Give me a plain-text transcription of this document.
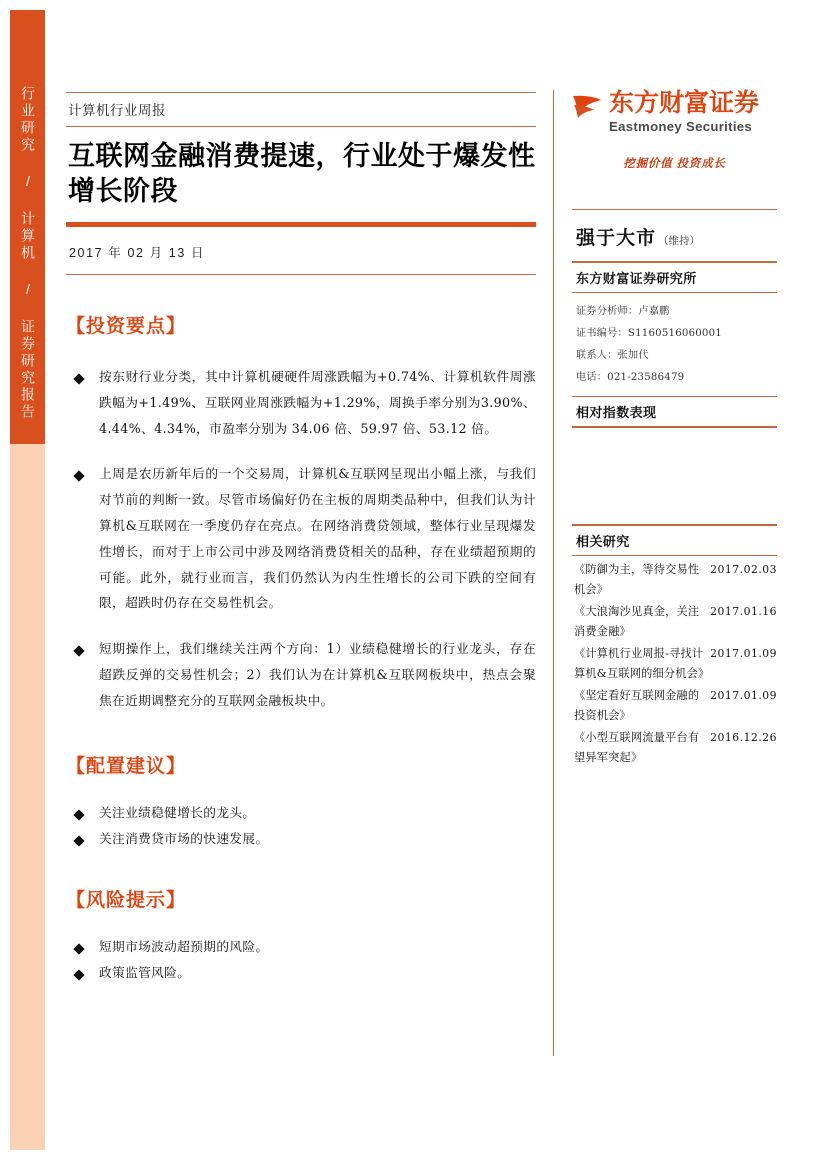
行业研究 / 计算机 / 证券研究报告	计算机行业周报
互联网金融消费提速，行业处于爆发性增长阶段
2017 年 02 月 13 日
【投资要点】
按东财行业分类，其中计算机硬硬件周涨跌幅为+0.74%、计算机软件周涨跌幅为+1.49%、互联网业周涨跌幅为+1.29%，周换手率分别为3.90%、4.44%、4.34%，市盈率分别为 34.06 倍、59.97 倍、53.12 倍。
上周是农历新年后的一个交易周，计算机&互联网呈现出小幅上涨，与我们对节前的判断一致。尽管市场偏好仍在主板的周期类品种中，但我们认为计算机&互联网在一季度仍存在亮点。在网络消费贷领域，整体行业呈现爆发性增长，而对于上市公司中涉及网络消费贷相关的品种，存在业绩超预期的可能。此外，就行业而言，我们仍然认为内生性增长的公司下跌的空间有限，超跌时仍存在交易性机会。
短期操作上，我们继续关注两个方向：1）业绩稳健增长的行业龙头，存在超跌反弹的交易性机会；2）我们认为在计算机&互联网板块中，热点会聚焦在近期调整充分的互联网金融板块中。
【配置建议】
关注业绩稳健增长的龙头。
关注消费贷市场的快速发展。
【风险提示】
短期市场波动超预期的风险。
政策监管风险。
东方财富证券
Eastmoney Securities
挖掘价值 投资成长
强于大市 （维持）
东方财富证券研究所
证券分析师：卢嘉鹏
证书编号：S1160516060001
联系人：张加代
电话：021-23586479
相对指数表现
相关研究
2017.02.03
《防御为主，等待交易性机会》
2017.01.16
《大浪淘沙见真金，关注消费金融》
2017.01.09
《计算机行业周报-寻找计算机&互联网的细分机会》
2017.01.09
《坚定看好互联网金融的投资机会》
2016.12.26
《小型互联网流量平台有望异军突起》
